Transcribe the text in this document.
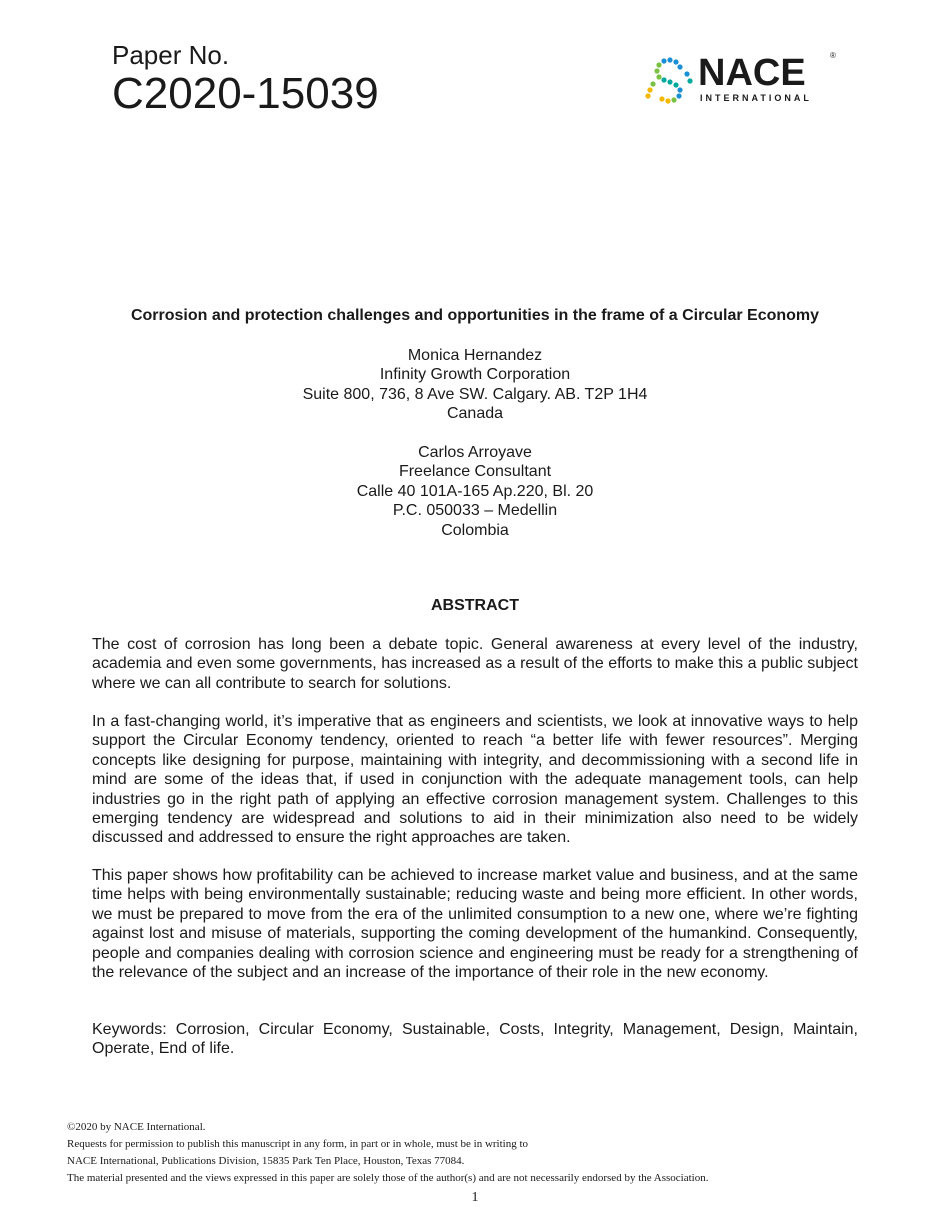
Paper No.
C2020-15039	NACE	®
INTERNATIONAL
Corrosion and protection challenges and opportunities in the frame of a Circular Economy
Monica Hernandez
Infinity Growth Corporation
Suite 800, 736, 8 Ave SW. Calgary. AB. T2P 1H4
Canada
Carlos Arroyave
Freelance Consultant
Calle 40 101A-165 Ap.220, Bl. 20
P.C. 050033 – Medellin
Colombia
ABSTRACT
The cost of corrosion has long been a debate topic. General awareness at every level of the industry, academia and even some governments, has increased as a result of the efforts to make this a public subject where we can all contribute to search for solutions.
In a fast-changing world, it’s imperative that as engineers and scientists, we look at innovative ways to help support the Circular Economy tendency, oriented to reach “a better life with fewer resources”. Merging concepts like designing for purpose, maintaining with integrity, and decommissioning with a second life in mind are some of the ideas that, if used in conjunction with the adequate management tools, can help industries go in the right path of applying an effective corrosion management system. Challenges to this emerging tendency are widespread and solutions to aid in their minimization also need to be widely discussed and addressed to ensure the right approaches are taken.
This paper shows how profitability can be achieved to increase market value and business, and at the same time helps with being environmentally sustainable; reducing waste and being more efficient. In other words, we must be prepared to move from the era of the unlimited consumption to a new one, where we’re fighting against lost and misuse of materials, supporting the coming development of the humankind. Consequently, people and companies dealing with corrosion science and engineering must be ready for a strengthening of the relevance of the subject and an increase of the importance of their role in the new economy.
Keywords: Corrosion, Circular Economy, Sustainable, Costs, Integrity, Management, Design, Maintain, Operate, End of life.
©2020 by NACE International.
Requests for permission to publish this manuscript in any form, in part or in whole, must be in writing to
NACE International, Publications Division, 15835 Park Ten Place, Houston, Texas 77084.
The material presented and the views expressed in this paper are solely those of the author(s) and are not necessarily endorsed by the Association.
1
